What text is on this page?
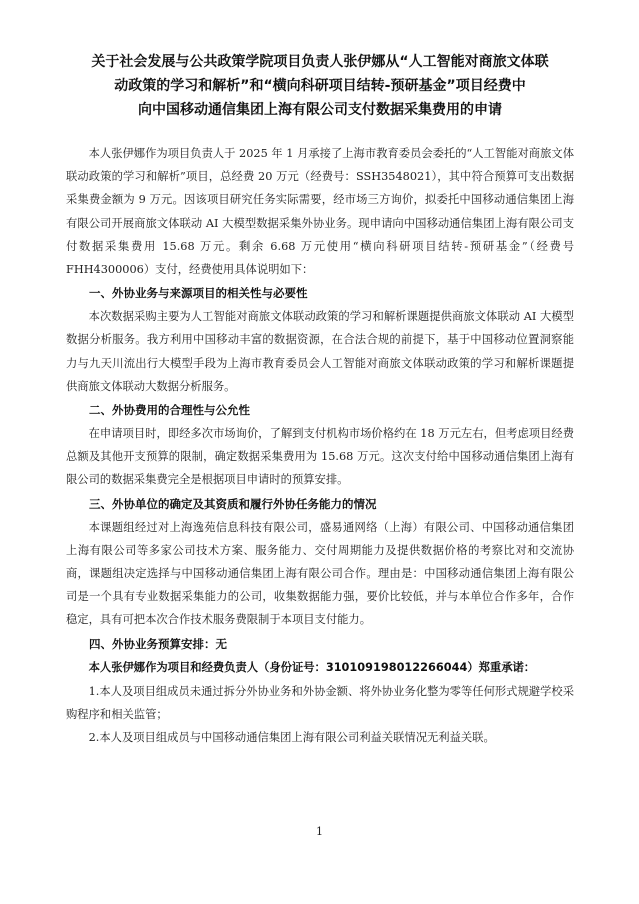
关于社会发展与公共政策学院项目负责人张伊娜从“人工智能对商旅文体联
动政策的学习和解析”和“横向科研项目结转-预研基金”项目经费中
向中国移动通信集团上海有限公司支付数据采集费用的申请

本人张伊娜作为项目负责人于 2025 年 1 月承接了上海市教育委员会委托的“人工智能对商旅文体联动政策的学习和解析”项目，总经费 20 万元（经费号：SSH3548021），其中符合预算可支出数据采集费金额为 9 万元。因该项目研究任务实际需要，经市场三方询价，拟委托中国移动通信集团上海有限公司开展商旅文体联动 AI 大模型数据采集外协业务。现申请向中国移动通信集团上海有限公司支付数据采集费用 15.68 万元。剩余 6.68 万元使用“横向科研项目结转-预研基金”（经费号 FHH4300006）支付，经费使用具体说明如下：

一、外协业务与来源项目的相关性与必要性

本次数据采购主要为人工智能对商旅文体联动政策的学习和解析课题提供商旅文体联动 AI 大模型数据分析服务。我方利用中国移动丰富的数据资源，在合法合规的前提下，基于中国移动位置洞察能力与九天川流出行大模型手段为上海市教育委员会人工智能对商旅文体联动政策的学习和解析课题提供商旅文体联动大数据分析服务。

二、外协费用的合理性与公允性

在申请项目时，即经多次市场询价，了解到支付机构市场价格约在 18 万元左右，但考虑项目经费总额及其他开支预算的限制，确定数据采集费用为 15.68 万元。这次支付给中国移动通信集团上海有限公司的数据采集费完全是根据项目申请时的预算安排。

三、外协单位的确定及其资质和履行外协任务能力的情况

本课题组经过对上海逸苑信息科技有限公司，盛易通网络（上海）有限公司、中国移动通信集团上海有限公司等多家公司技术方案、服务能力、交付周期能力及提供数据价格的考察比对和交流协商，课题组决定选择与中国移动通信集团上海有限公司合作。理由是：中国移动通信集团上海有限公司是一个具有专业数据采集能力的公司，收集数据能力强，要价比较低，并与本单位合作多年，合作稳定，具有可把本次合作技术服务费限制于本项目支付能力。

四、外协业务预算安排：无

本人张伊娜作为项目和经费负责人（身份证号：310109198012266044）郑重承诺：

1.本人及项目组成员未通过拆分外协业务和外协金额、将外协业务化整为零等任何形式规避学校采购程序和相关监管；

2.本人及项目组成员与中国移动通信集团上海有限公司利益关联情况无利益关联。

1
